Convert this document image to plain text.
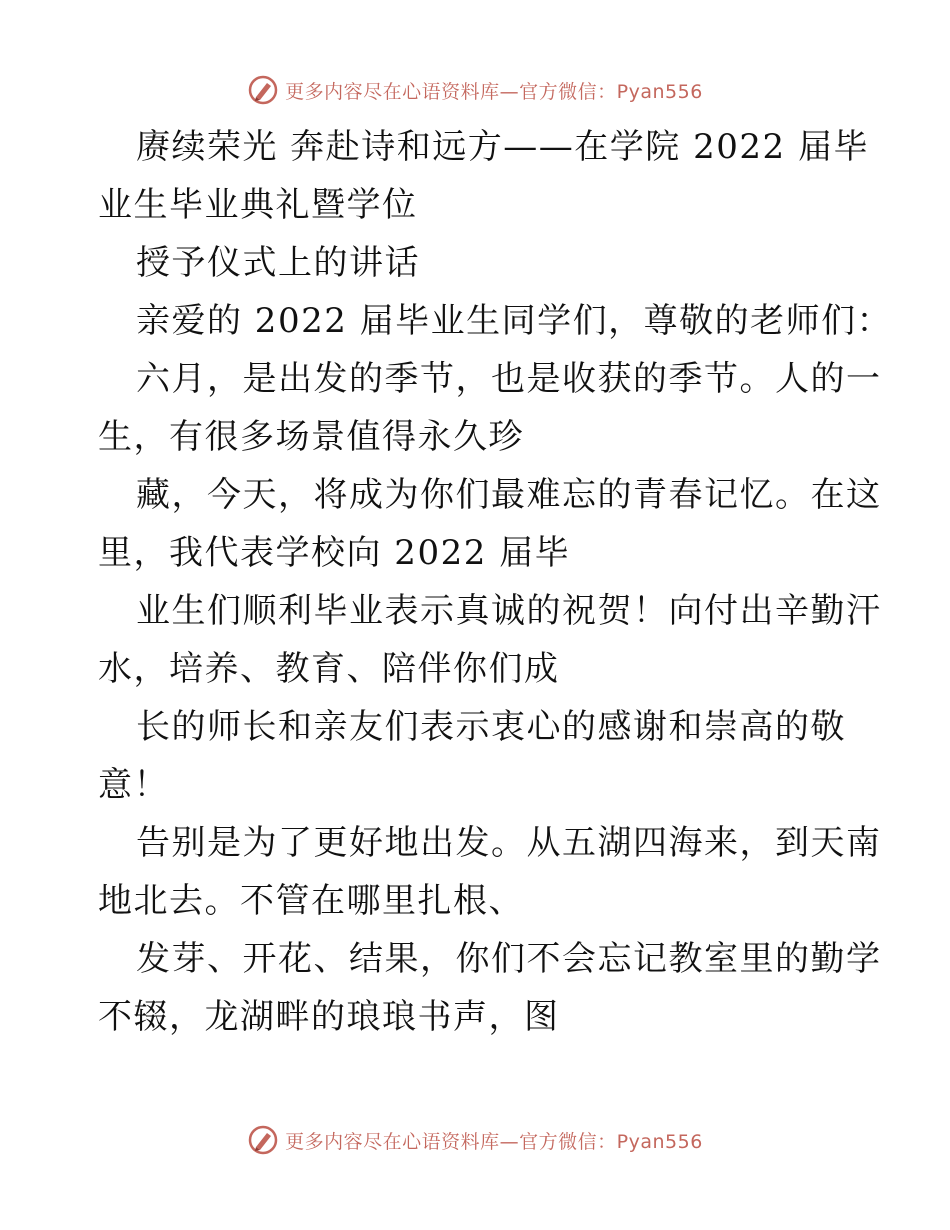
更多内容尽在心语资料库—官方微信：Pyan556
赓续荣光 奔赴诗和远方——在学院 2022 届毕
业生毕业典礼暨学位
授予仪式上的讲话
亲爱的 2022 届毕业生同学们，尊敬的老师们：
六月，是出发的季节，也是收获的季节。人的一
生，有很多场景值得永久珍
藏，今天，将成为你们最难忘的青春记忆。在这
里，我代表学校向 2022 届毕
业生们顺利毕业表示真诚的祝贺！向付出辛勤汗
水，培养、教育、陪伴你们成
长的师长和亲友们表示衷心的感谢和崇高的敬
意！
告别是为了更好地出发。从五湖四海来，到天南
地北去。不管在哪里扎根、
发芽、开花、结果，你们不会忘记教室里的勤学
不辍，龙湖畔的琅琅书声，图
更多内容尽在心语资料库—官方微信：Pyan556
